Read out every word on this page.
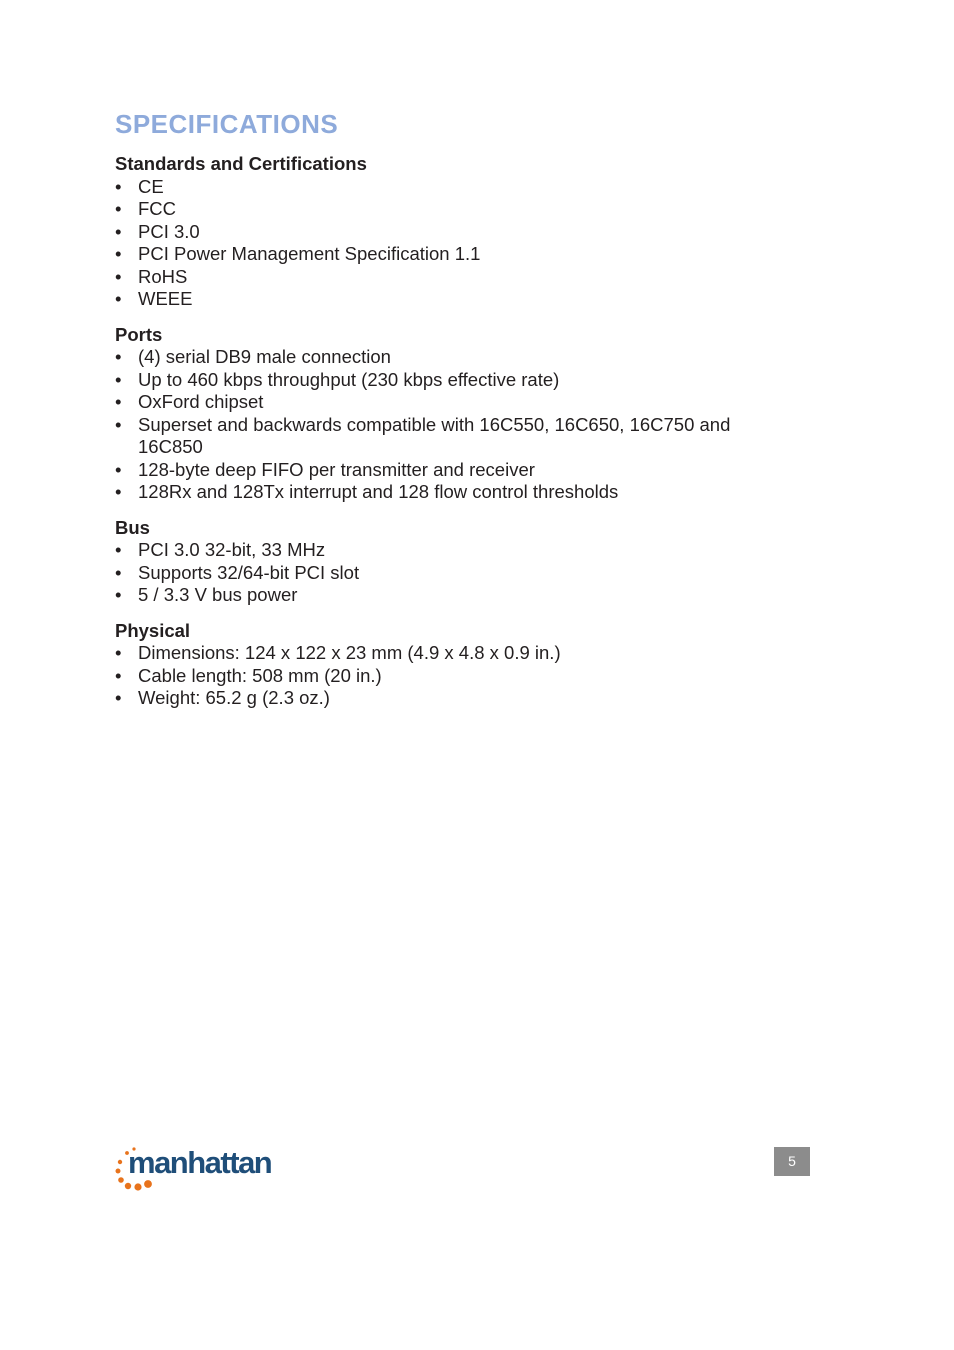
SPECIFICATIONS
Standards and Certifications
• CE
• FCC
• PCI 3.0
• PCI Power Management Specification 1.1
• RoHS
• WEEE
Ports
• (4) serial DB9 male connection
• Up to 460 kbps throughput (230 kbps effective rate)
• OxFord chipset
• Superset and backwards compatible with 16C550, 16C650, 16C750 and 16C850
• 128-byte deep FIFO per transmitter and receiver
• 128Rx and 128Tx interrupt and 128 flow control thresholds
Bus
• PCI 3.0 32-bit, 33 MHz
• Supports 32/64-bit PCI slot
• 5 / 3.3 V bus power
Physical
• Dimensions: 124 x 122 x 23 mm (4.9 x 4.8 x 0.9 in.)
• Cable length: 508 mm (20 in.)
• Weight: 65.2 g (2.3 oz.)
manhattan	5
